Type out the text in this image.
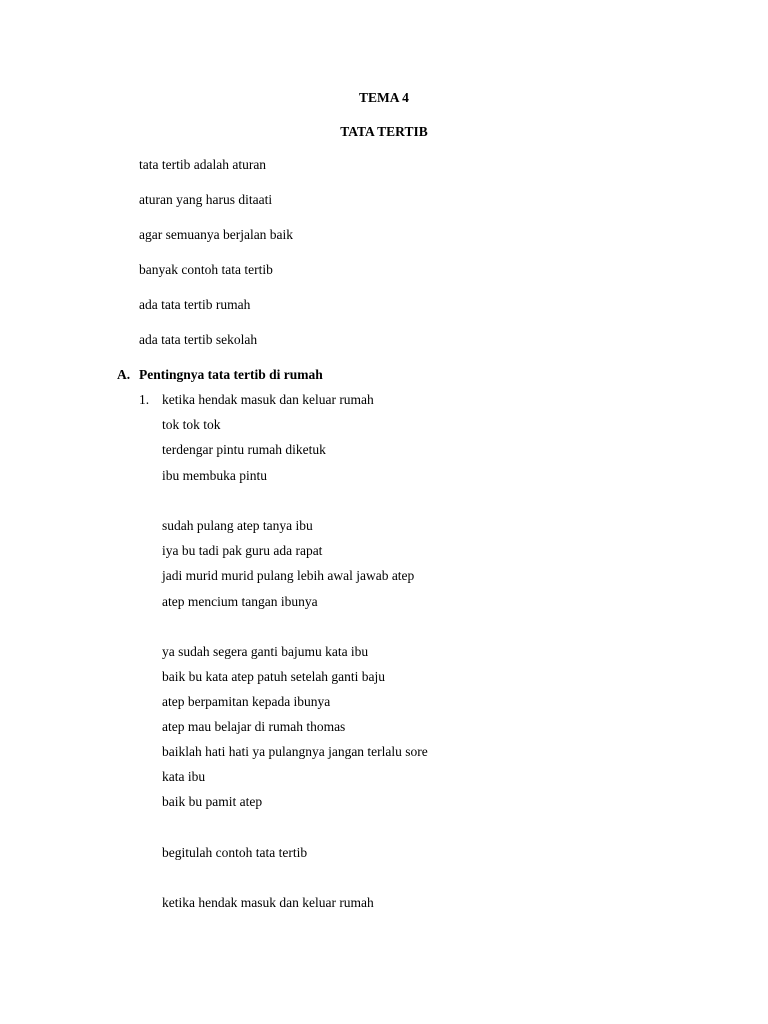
TEMA 4
TATA TERTIB
tata tertib adalah aturan
aturan yang harus ditaati
agar semuanya berjalan baik
banyak contoh tata tertib
ada tata tertib rumah
ada tata tertib sekolah
A. Pentingnya tata tertib di rumah
1. ketika hendak masuk dan keluar rumah
tok tok tok
terdengar pintu rumah diketuk
ibu membuka pintu
sudah pulang atep tanya ibu
iya bu tadi pak guru ada rapat
jadi murid murid pulang lebih awal jawab atep
atep mencium tangan ibunya
ya sudah segera ganti bajumu kata ibu
baik bu kata atep patuh setelah ganti baju
atep berpamitan kepada ibunya
atep mau belajar di rumah thomas
baiklah hati hati ya pulangnya jangan terlalu sore
kata ibu
baik bu pamit atep
begitulah contoh tata tertib
ketika hendak masuk dan keluar rumah
